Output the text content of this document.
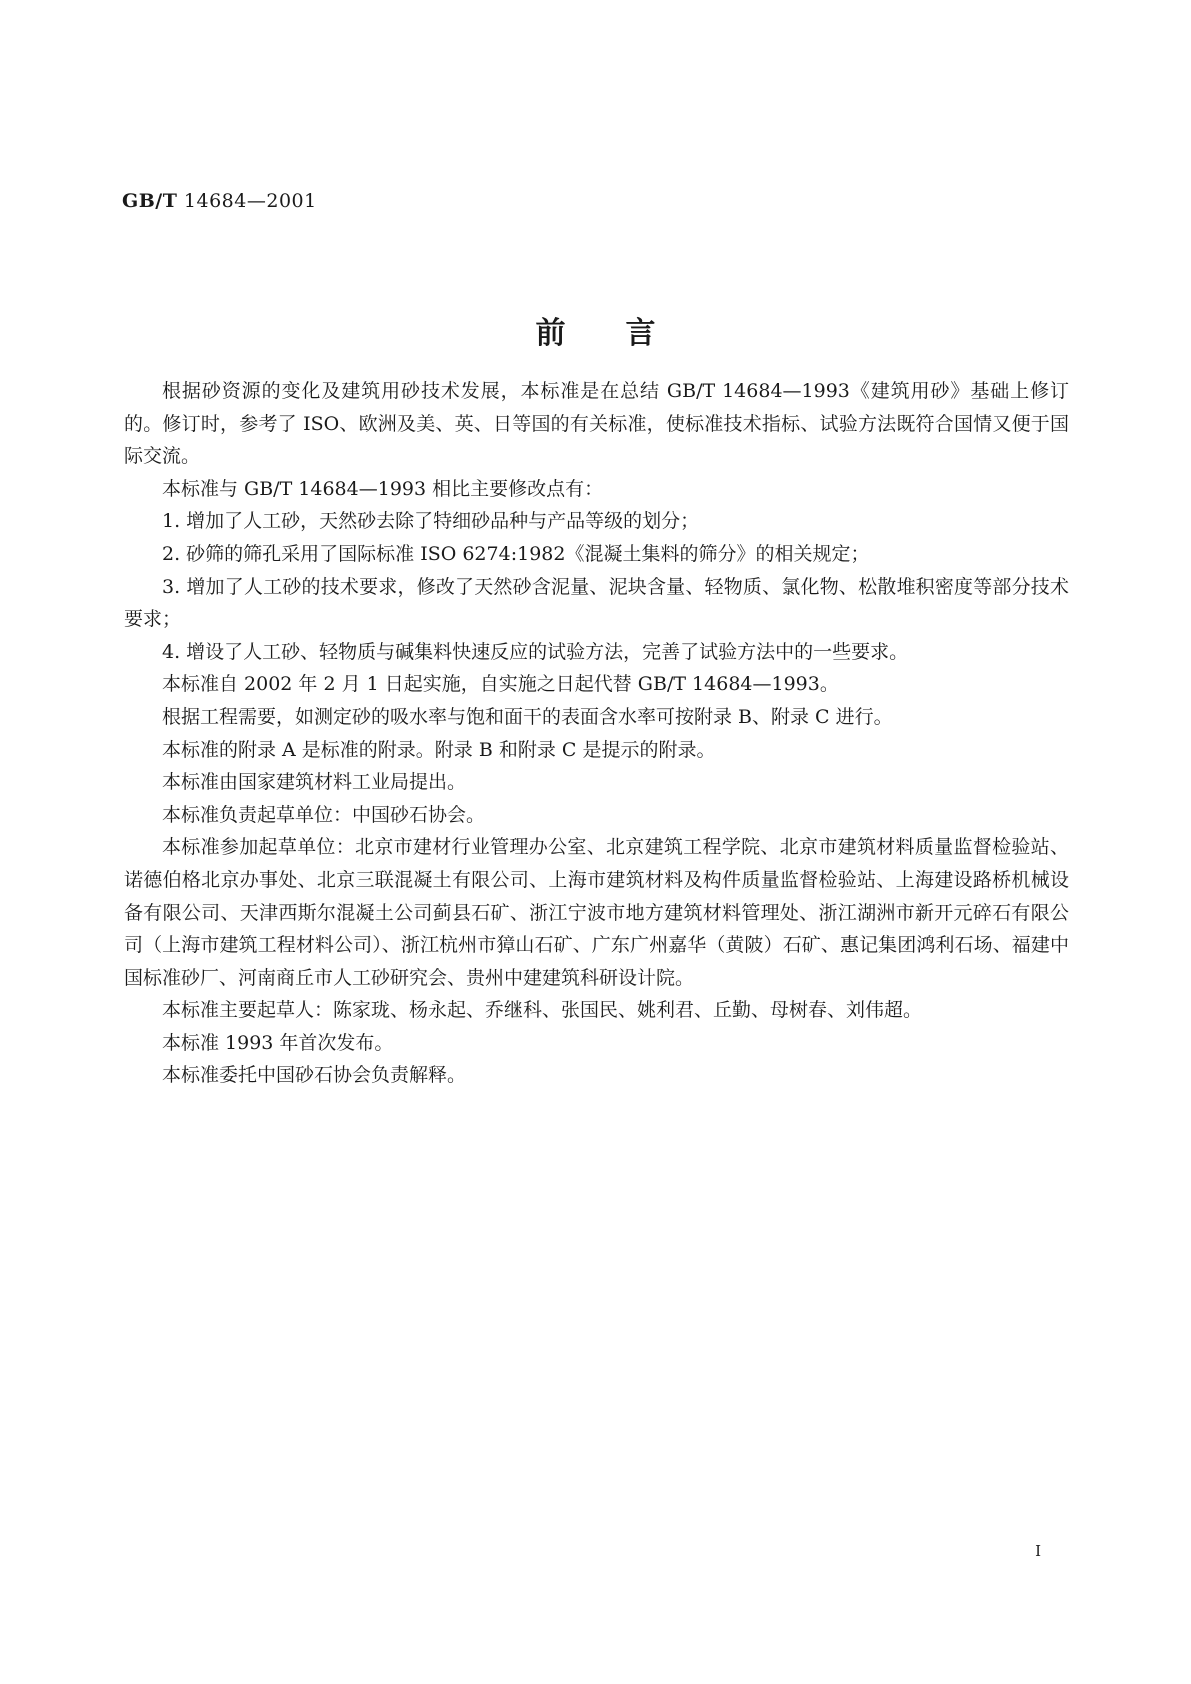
GB/T 14684—2001
前言

根据砂资源的变化及建筑用砂技术发展，本标准是在总结 GB/T 14684—1993《建筑用砂》基础上修订的。修订时，参考了 ISO、欧洲及美、英、日等国的有关标准，使标准技术指标、试验方法既符合国情又便于国际交流。

本标准与 GB/T 14684—1993 相比主要修改点有：

1. 增加了人工砂，天然砂去除了特细砂品种与产品等级的划分；

2. 砂筛的筛孔采用了国际标准 ISO 6274:1982《混凝土集料的筛分》的相关规定；

3. 增加了人工砂的技术要求，修改了天然砂含泥量、泥块含量、轻物质、氯化物、松散堆积密度等部分技术要求；

4. 增设了人工砂、轻物质与碱集料快速反应的试验方法，完善了试验方法中的一些要求。

本标准自 2002 年 2 月 1 日起实施，自实施之日起代替 GB/T 14684—1993。

根据工程需要，如测定砂的吸水率与饱和面干的表面含水率可按附录 B、附录 C 进行。

本标准的附录 A 是标准的附录。附录 B 和附录 C 是提示的附录。

本标准由国家建筑材料工业局提出。

本标准负责起草单位：中国砂石协会。

本标准参加起草单位：北京市建材行业管理办公室、北京建筑工程学院、北京市建筑材料质量监督检验站、诺德伯格北京办事处、北京三联混凝土有限公司、上海市建筑材料及构件质量监督检验站、上海建设路桥机械设备有限公司、天津西斯尔混凝土公司蓟县石矿、浙江宁波市地方建筑材料管理处、浙江湖洲市新开元碎石有限公司（上海市建筑工程材料公司）、浙江杭州市獐山石矿、广东广州嘉华（黄陂）石矿、惠记集团鸿利石场、福建中国标准砂厂、河南商丘市人工砂研究会、贵州中建建筑科研设计院。

本标准主要起草人：陈家珑、杨永起、乔继科、张国民、姚利君、丘勤、母树春、刘伟超。

本标准 1993 年首次发布。

本标准委托中国砂石协会负责解释。

I
